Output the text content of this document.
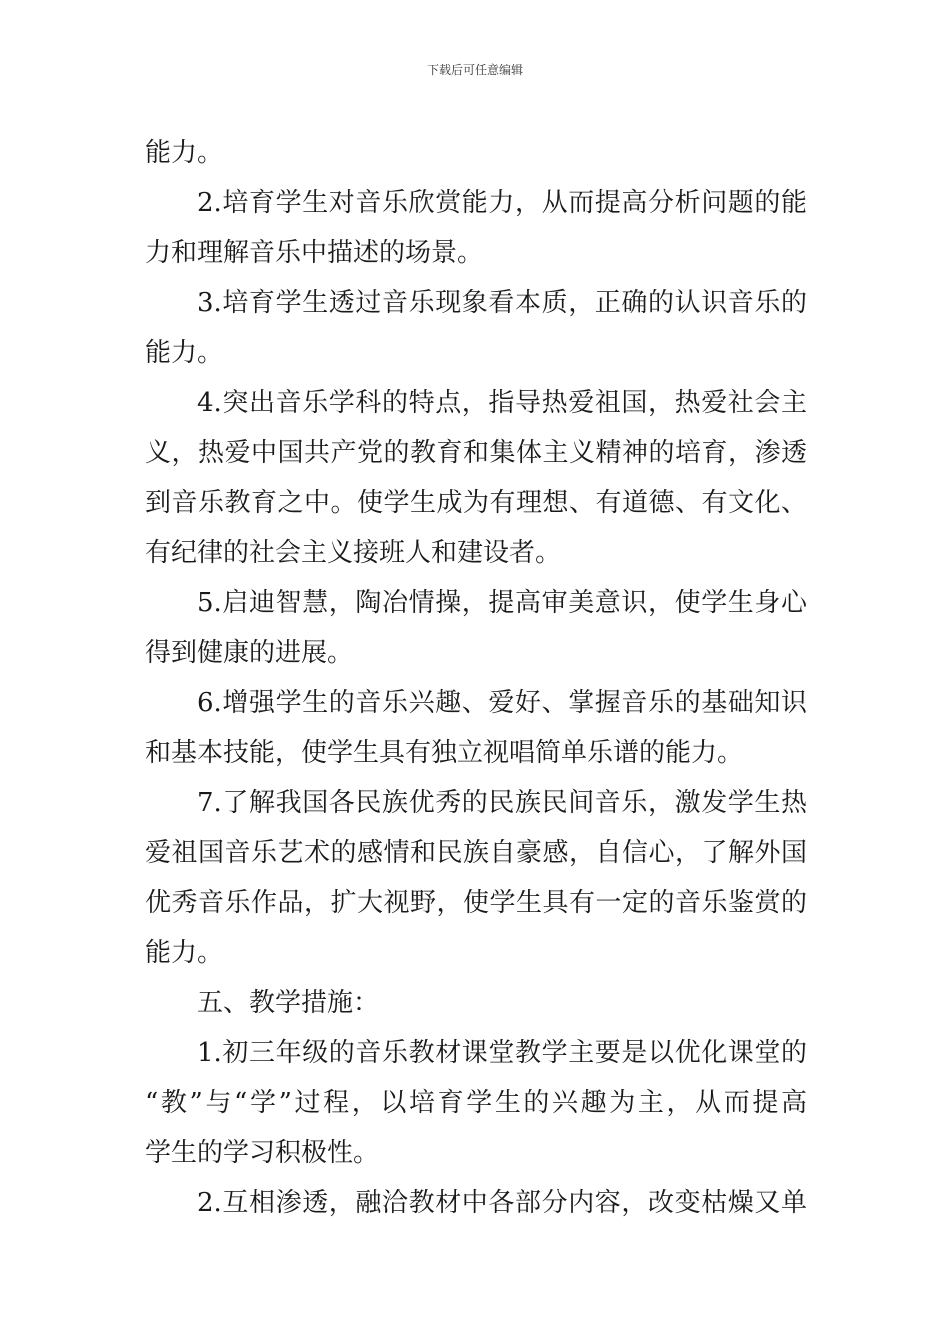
下载后可任意编辑
能力。
2.培育学生对音乐欣赏能力，从而提高分析问题的能
力和理解音乐中描述的场景。
3.培育学生透过音乐现象看本质，正确的认识音乐的
能力。
4.突出音乐学科的特点，指导热爱祖国，热爱社会主
义，热爱中国共产党的教育和集体主义精神的培育，渗透
到音乐教育之中。使学生成为有理想、有道德、有文化、
有纪律的社会主义接班人和建设者。
5.启迪智慧，陶冶情操，提高审美意识，使学生身心
得到健康的进展。
6.增强学生的音乐兴趣、爱好、掌握音乐的基础知识
和基本技能，使学生具有独立视唱简单乐谱的能力。
7.了解我国各民族优秀的民族民间音乐，激发学生热
爱祖国音乐艺术的感情和民族自豪感，自信心，了解外国
优秀音乐作品，扩大视野，使学生具有一定的音乐鉴赏的
能力。
五、教学措施：
1.初三年级的音乐教材课堂教学主要是以优化课堂的
“教”与“学”过程，以培育学生的兴趣为主，从而提高
学生的学习积极性。
2.互相渗透，融洽教材中各部分内容，改变枯燥又单
